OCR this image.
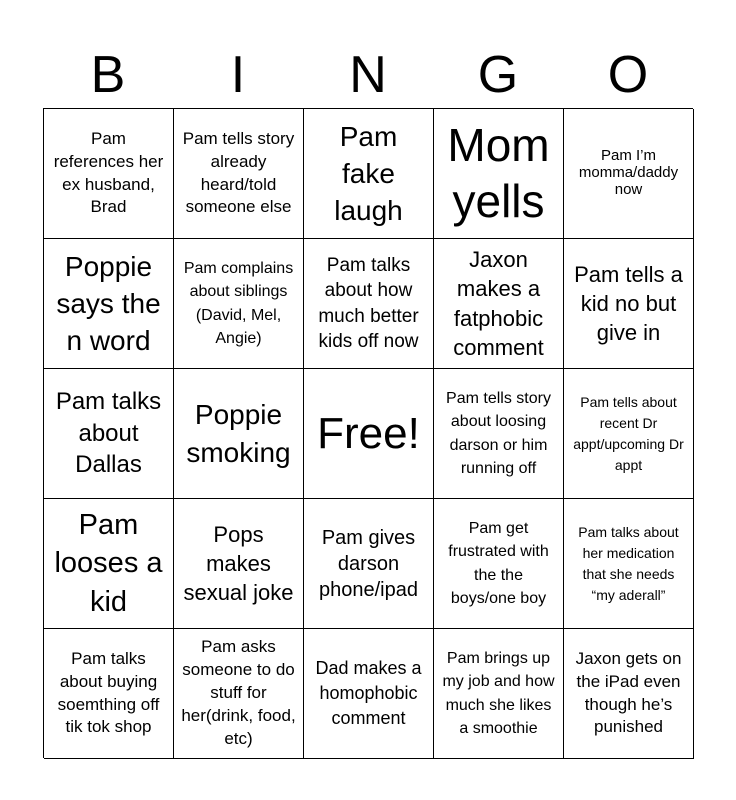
B	I	N	G	O
Pam references her ex husband, Brad
Pam tells story already heard/told someone else
Pam fake laugh
Mom yells
Pam I’m momma/daddy now
Poppie says the n word
Pam complains about siblings (David, Mel, Angie)
Pam talks about how much better kids off now
Jaxon makes a fatphobic comment
Pam tells a kid no but give in
Pam talks about Dallas
Poppie smoking Free!
Pam tells story about loosing darson or him running off
Pam tells about recent Dr appt/upcoming Dr appt
Pam looses a kid
Pops makes sexual joke
Pam gives darson phone/ipad
Pam get frustrated with the the boys/one boy
Pam talks about her medication that she needs “my aderall”
Pam talks about buying soemthing off tik tok shop
Pam asks someone to do stuff for her(drink, food, etc)
Dad makes a homophobic comment
Pam brings up my job and how much she likes a smoothie
Jaxon gets on the iPad even though he’s punished
